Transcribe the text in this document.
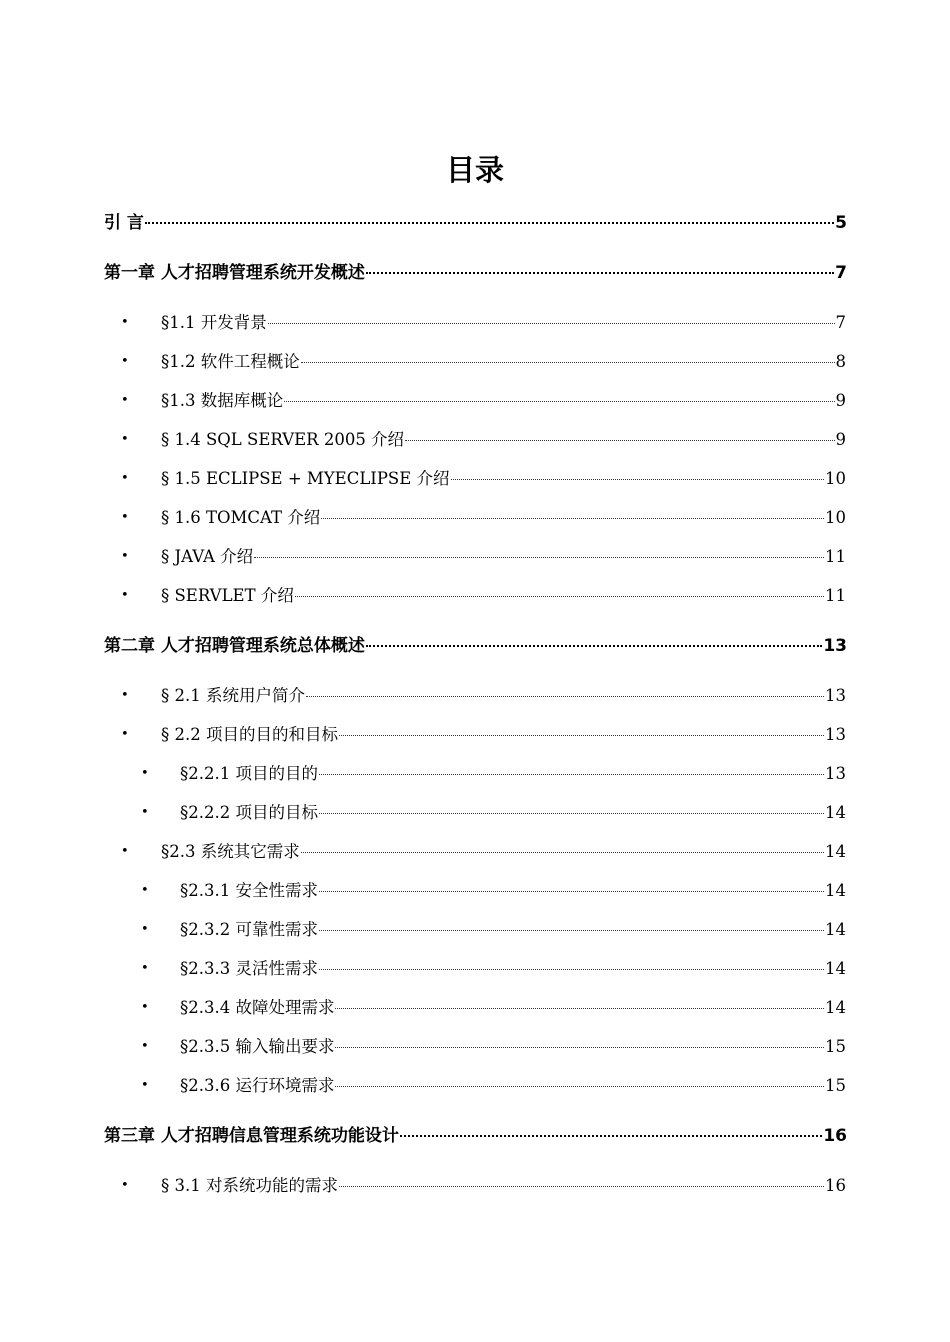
目录
引 言	5
第一章 人才招聘管理系统开发概述	7
• §1.1 开发背景	7
• §1.2 软件工程概论	8
• §1.3 数据库概论	9
• § 1.4 SQL SERVER 2005 介绍	9
• § 1.5 ECLIPSE + MYECLIPSE 介绍	10
• § 1.6 TOMCAT 介绍	10
• § JAVA 介绍	11
• § SERVLET 介绍	11
第二章 人才招聘管理系统总体概述	13
• § 2.1 系统用户简介	13
• § 2.2 项目的目的和目标	13
• §2.2.1 项目的目的	13
• §2.2.2 项目的目标	14
• §2.3 系统其它需求	14
• §2.3.1 安全性需求	14
• §2.3.2 可靠性需求	14
• §2.3.3 灵活性需求	14
• §2.3.4 故障处理需求	14
• §2.3.5 输入输出要求	15
• §2.3.6 运行环境需求	15
第三章 人才招聘信息管理系统功能设计	16
• § 3.1 对系统功能的需求	16
